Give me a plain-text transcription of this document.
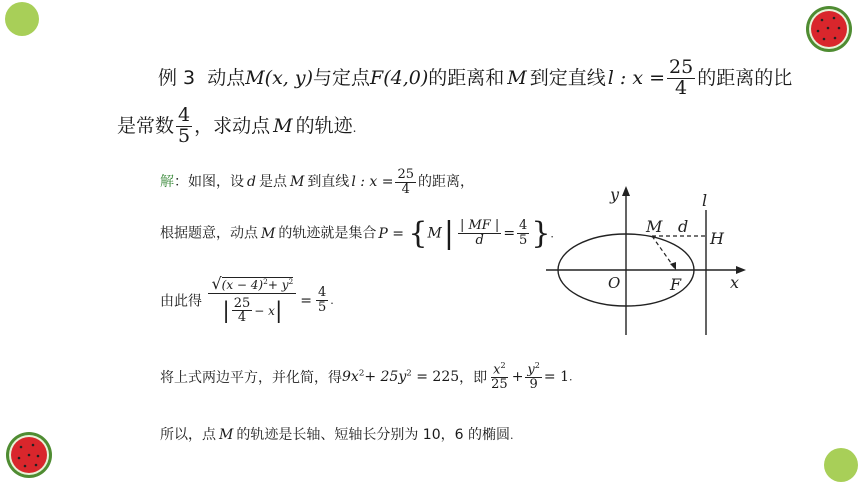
例 3 动点M(x, y)与定点F(4,0)的距离和 M 到定直线 l : $x = \frac{25}{4}$ 的距离的比
是常数 $\frac{4}{5}$ ，求动点 M 的轨迹.
解：如图，设 d 是点 M 到直线 l : $x = \frac{25}{4}$ 的距离，
根据题意，动点 M 的轨迹就是集合 $P = \{M| \frac{| MF |}{d} = \frac{4}{5}$ }.
由此得 $\frac{√(x - 4)^2+ y^2}{| \frac{25}{4} - x|} = \frac{4}{5}$ .
将上式两边平方，并化简，得$9x^2+ 25y^2 = 225$，即 $\frac{x^2}{25} + \frac{y^2}{9} = 1$.
所以，点 M 的轨迹是长轴、短轴长分别为 10，6 的椭圆.
y
x
l
O
M d
H
F
